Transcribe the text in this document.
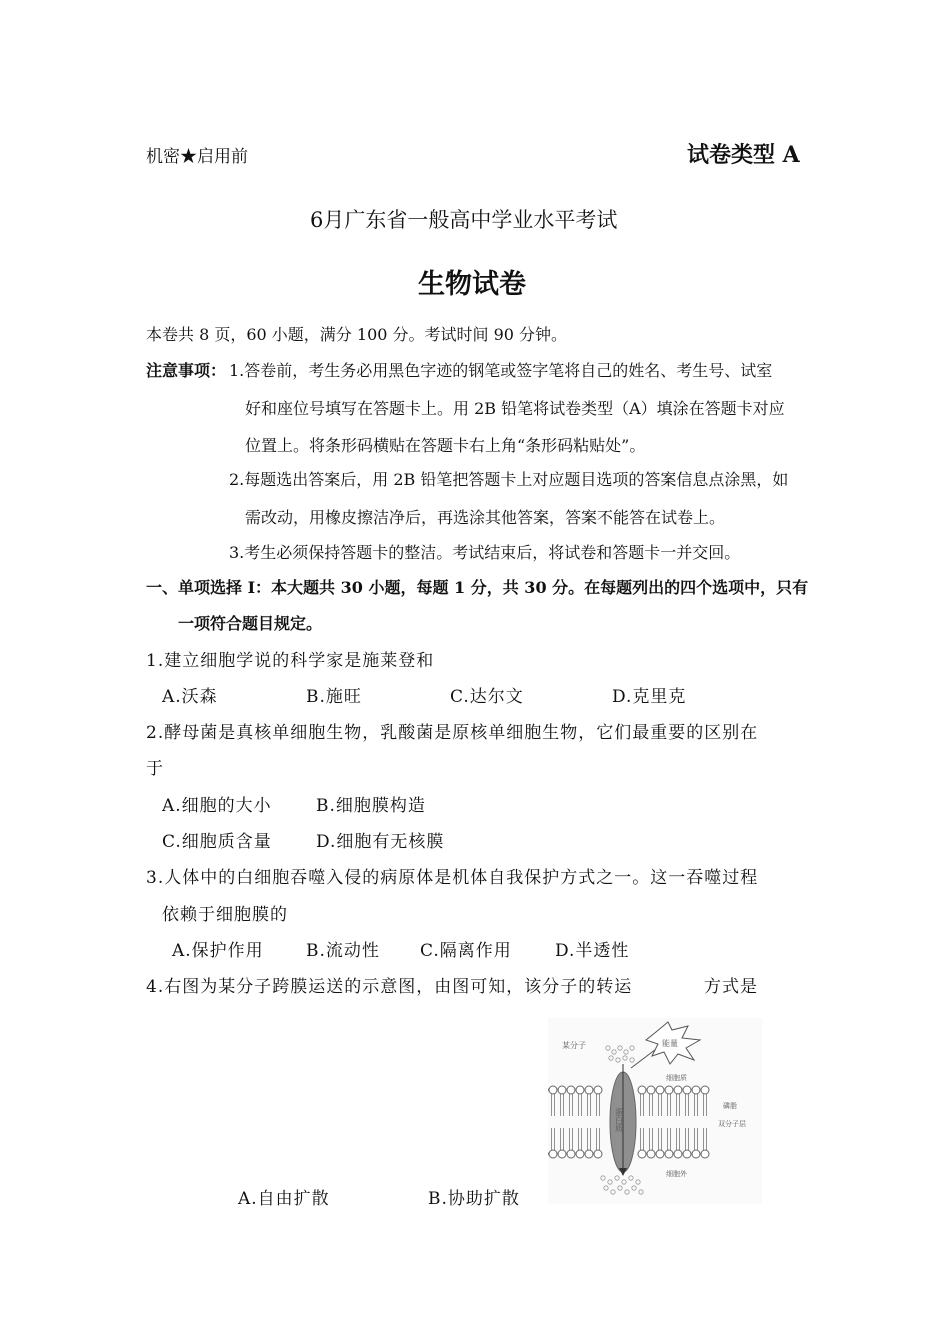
机密★启用前	试卷类型 A
6月广东省一般高中学业水平考试
生物试卷
本卷共 8 页，60 小题，满分 100 分。考试时间 90 分钟。
注意事项： 1.答卷前，考生务必用黑色字迹的钢笔或签字笔将自己的姓名、考生号、试室
好和座位号填写在答题卡上。用 2B 铅笔将试卷类型（A）填涂在答题卡对应
位置上。将条形码横贴在答题卡右上角“条形码粘贴处”。
2.每题选出答案后，用 2B 铅笔把答题卡上对应题目选项的答案信息点涂黑，如
需改动，用橡皮擦洁净后，再选涂其他答案，答案不能答在试卷上。
3.考生必须保持答题卡的整洁。考试结束后，将试卷和答题卡一并交回。
一、单项选择 I：本大题共 30 小题，每题 1 分，共 30 分。在每题列出的四个选项中，只有
一项符合题目规定。
1.建立细胞学说的科学家是施莱登和
A.沃森	B.施旺	C.达尔文	D.克里克
2.酵母菌是真核单细胞生物，乳酸菌是原核单细胞生物，它们最重要的区别在
于
A.细胞的大小	B.细胞膜构造
C.细胞质含量	D.细胞有无核膜
3.人体中的白细胞吞噬入侵的病原体是机体自我保护方式之一。这一吞噬过程
依赖于细胞膜的
A.保护作用 B.流动性 C.隔离作用	D.半透性
4.右图为某分子跨膜运送的示意图，由图可知，该分子的转运	方式是
A.自由扩散	B.协助扩散
蛋白质
能量
某分子
细胞质
磷脂
双分子层
细胞外
